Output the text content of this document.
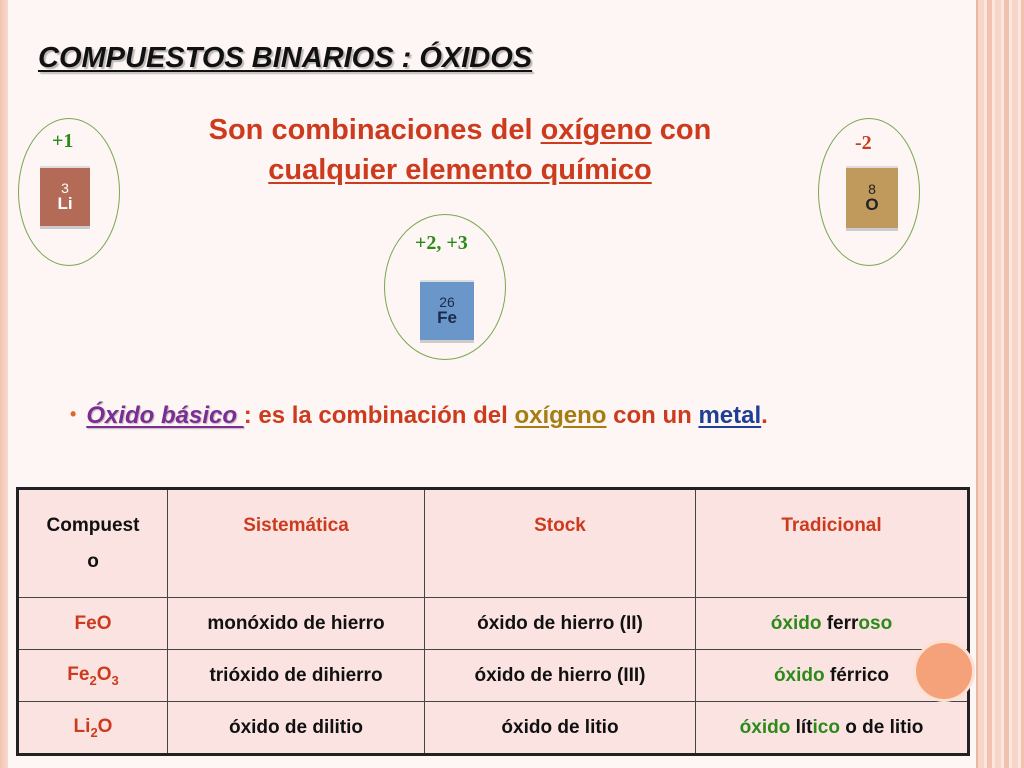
COMPUESTOS BINARIOS : ÓXIDOS
Son combinaciones del oxígeno con
cualquier elemento químico
+1
3
Li
+2, +3
26
Fe
-2
8
O
• Óxido básico : es la combinación del oxígeno con un metal.
Compuest
o	Sistemática	Stock	Tradicional
FeO	monóxido de hierro	óxido de hierro (II)	óxido ferroso
$Fe_2O_3$	trióxido de dihierro	óxido de hierro (III)	óxido férrico
$Li_2O$	óxido de dilitio	óxido de litio	óxido lítico o de litio
